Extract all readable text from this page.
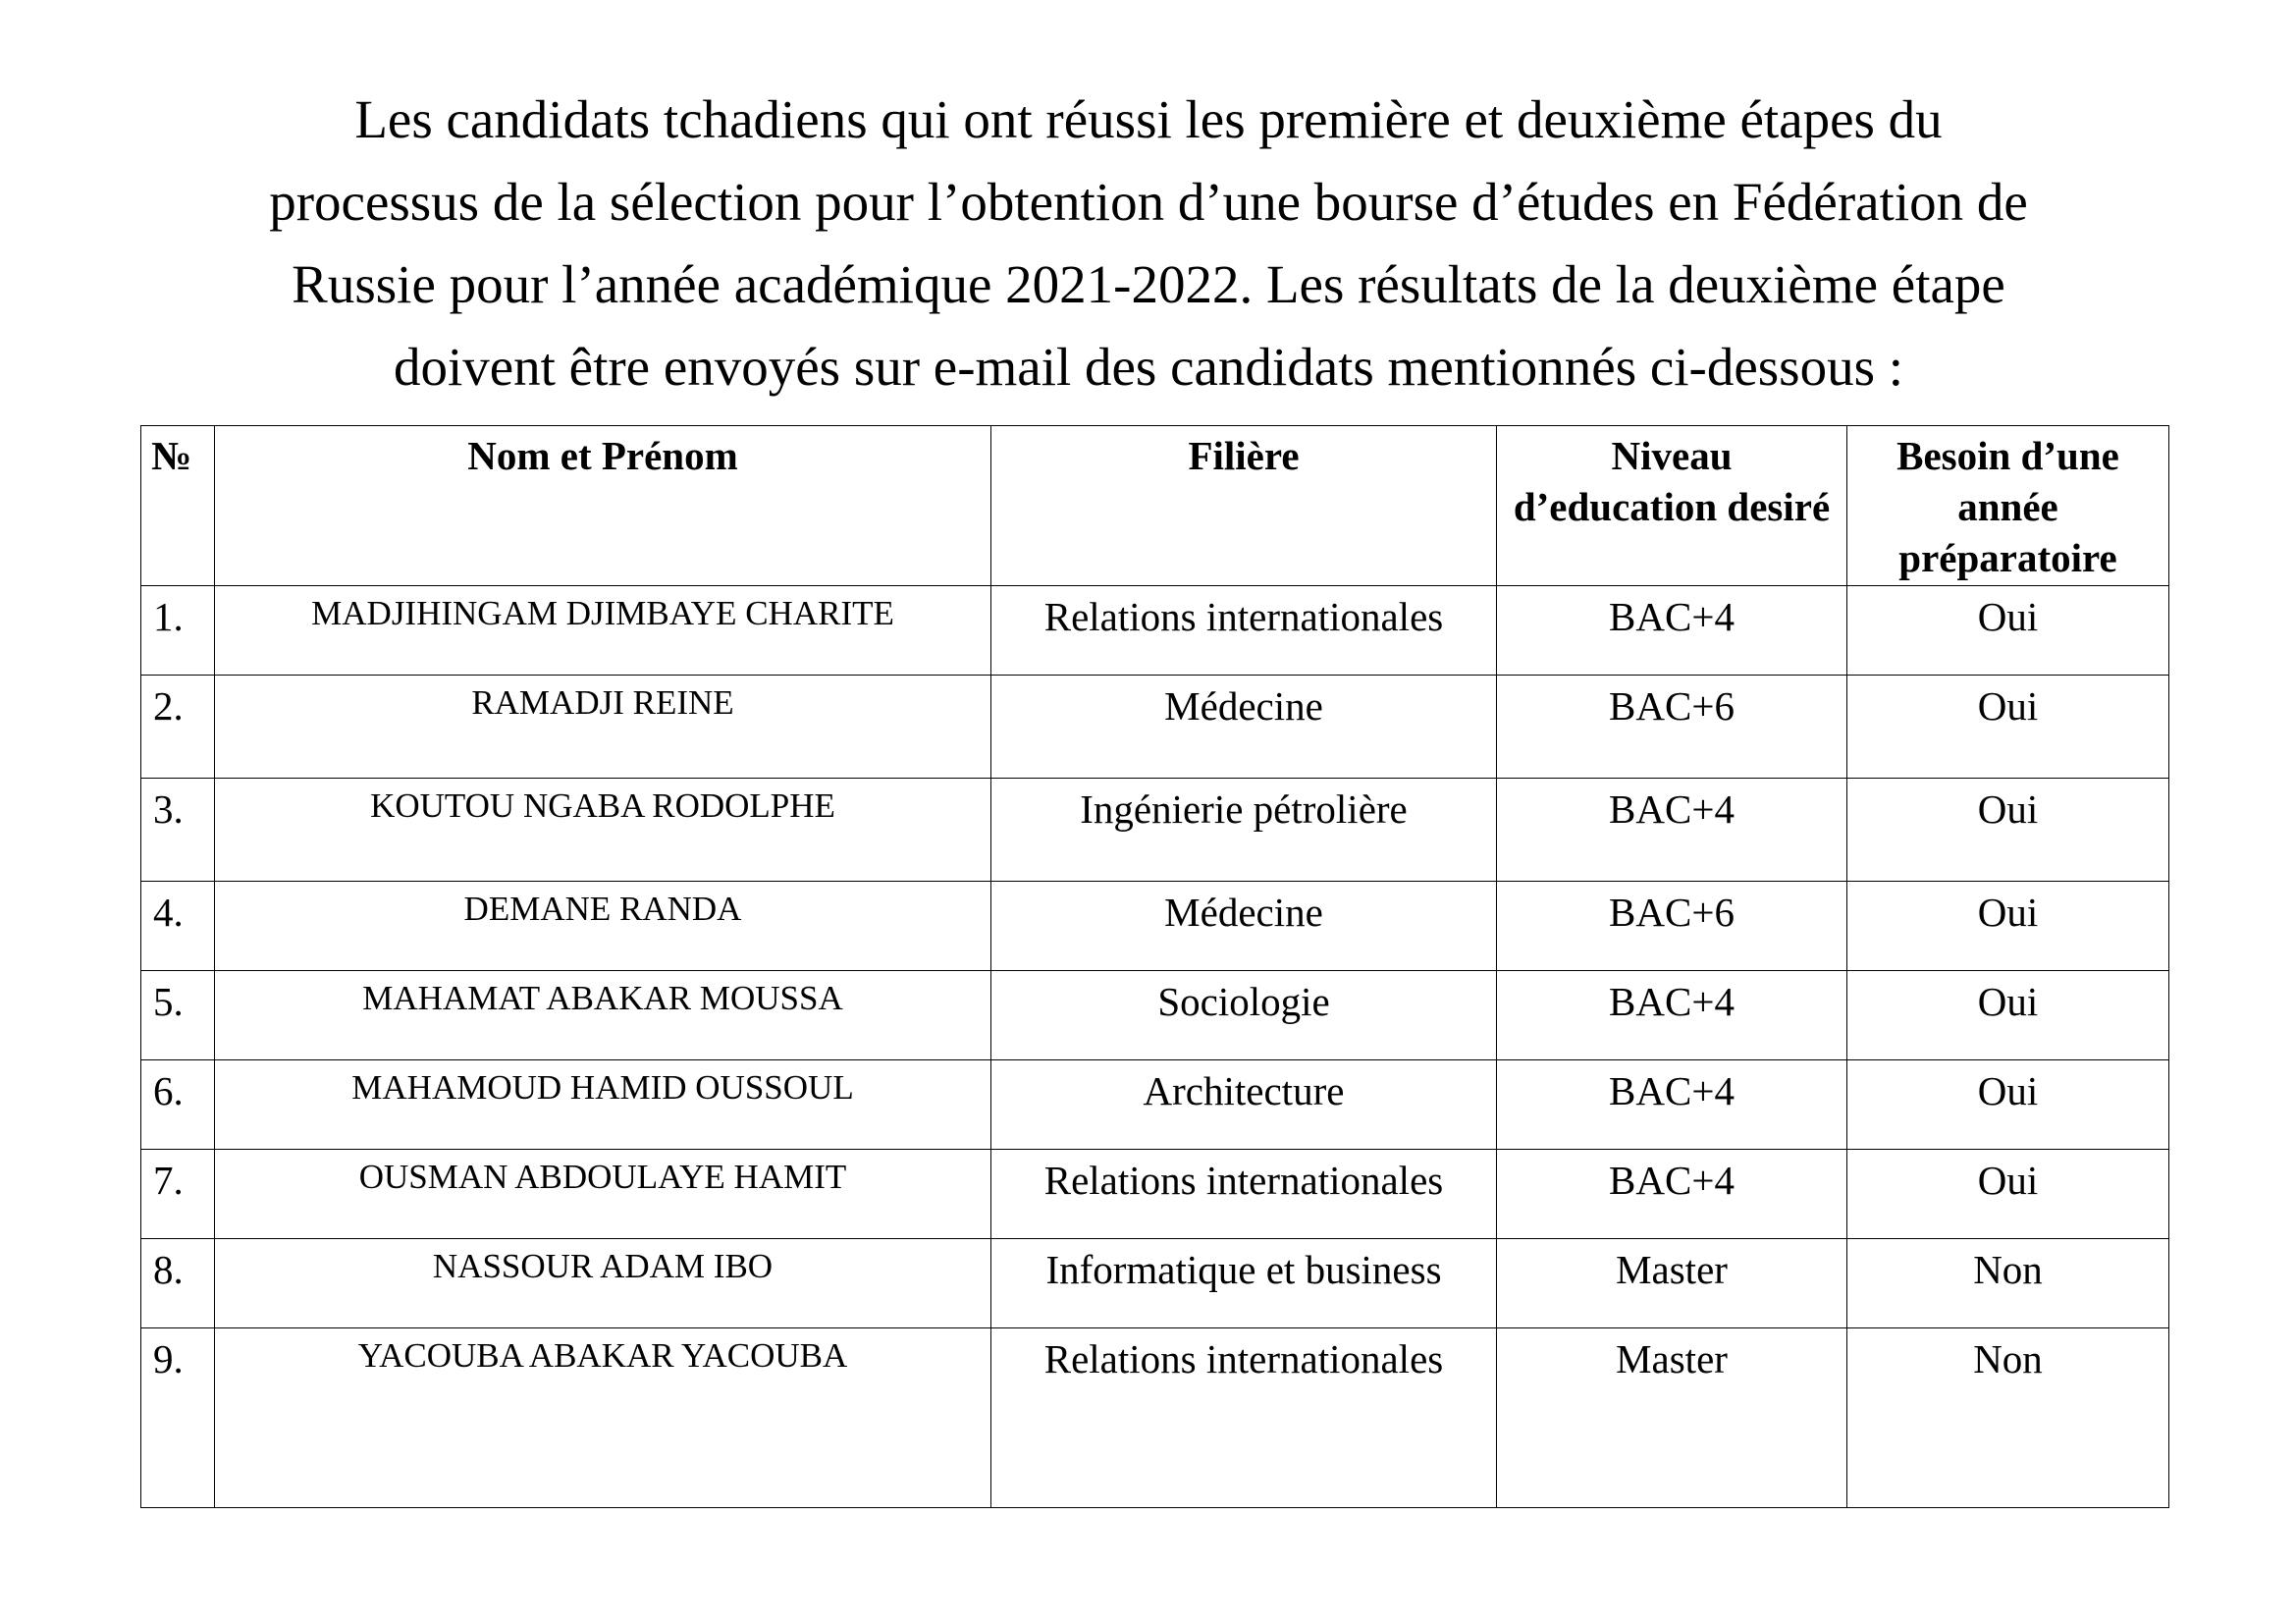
Les candidats tchadiens qui ont réussi les première et deuxième étapes du
processus de la sélection pour l’obtention d’une bourse d’études en Fédération de
Russie pour l’année académique 2021-2022. Les résultats de la deuxième étape
doivent être envoyés sur e-mail des candidats mentionnés ci-dessous :

№	Nom et Prénom	Filière	Niveau d’education desiré	Besoin d’une année préparatoire
1.	MADJIHINGAM DJIMBAYE CHARITE	Relations internationales	BAC+4	Oui
2.	RAMADJI REINE	Médecine	BAC+6	Oui
3.	KOUTOU NGABA RODOLPHE	Ingénierie pétrolière	BAC+4	Oui
4.	DEMANE RANDA	Médecine	BAC+6	Oui
5.	MAHAMAT ABAKAR MOUSSA	Sociologie	BAC+4	Oui
6.	MAHAMOUD HAMID OUSSOUL	Architecture	BAC+4	Oui
7.	OUSMAN ABDOULAYE HAMIT	Relations internationales	BAC+4	Oui
8.	NASSOUR ADAM IBO	Informatique et business	Master	Non
9.	YACOUBA ABAKAR YACOUBA	Relations internationales	Master	Non
